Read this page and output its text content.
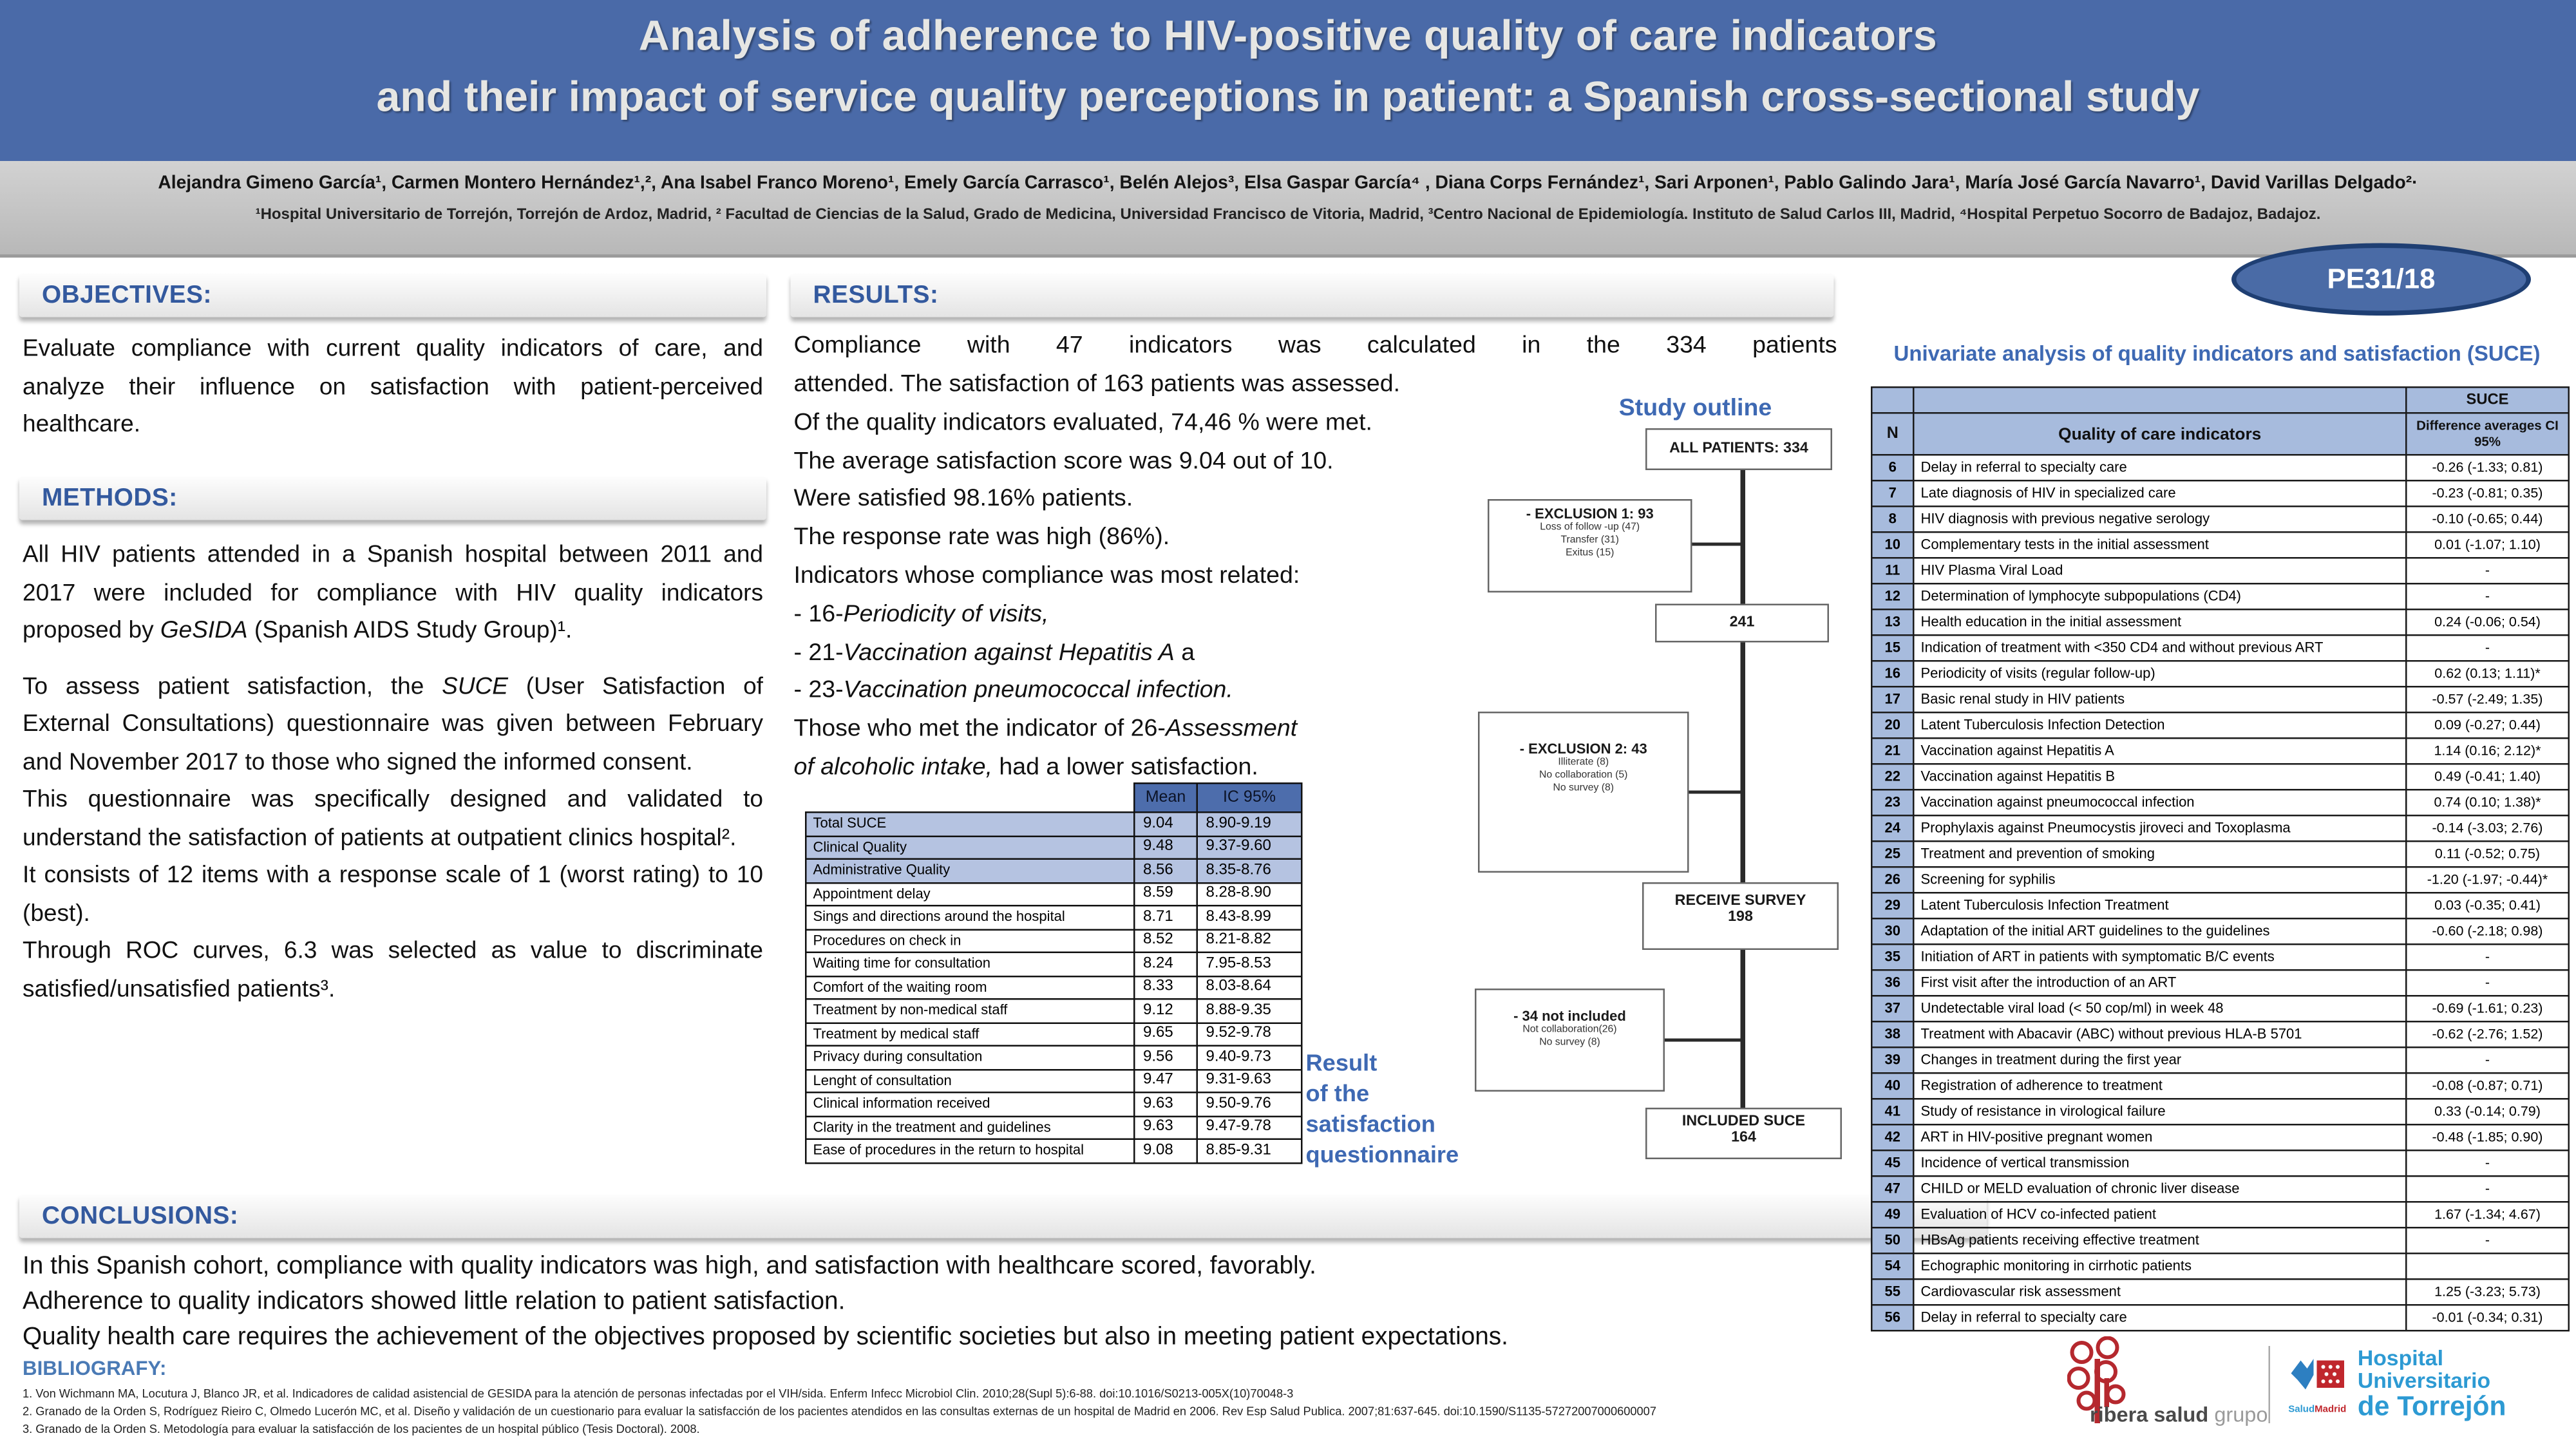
Analysis of adherence to HIV-positive quality of care indicators
and their impact of service quality perceptions in patient: a Spanish cross-sectional study
Alejandra Gimeno García¹, Carmen Montero Hernández¹,², Ana Isabel Franco Moreno¹, Emely García Carrasco¹, Belén Alejos³, Elsa Gaspar García⁴ , Diana Corps Fernández¹, Sari Arponen¹, Pablo Galindo Jara¹, María José García Navarro¹, David Varillas Delgado²·
¹Hospital Universitario de Torrejón, Torrejón de Ardoz, Madrid, ² Facultad de Ciencias de la Salud, Grado de Medicina, Universidad Francisco de Vitoria, Madrid, ³Centro Nacional de Epidemiología. Instituto de Salud Carlos III, Madrid, ⁴Hospital Perpetuo Socorro de Badajoz, Badajoz.
OBJECTIVES:
METHODS:
RESULTS:
CONCLUSIONS:
Evaluate compliance with current quality indicators of care, and analyze their influence on satisfaction with patient-perceived healthcare.
All HIV patients attended in a Spanish hospital between 2011 and 2017 were included for compliance with HIV quality indicators proposed by GeSIDA (Spanish AIDS Study Group)¹.
To assess patient satisfaction, the SUCE (User Satisfaction of External Consultations) questionnaire was given between February and November 2017 to those who signed the informed consent.
This questionnaire was specifically designed and validated to understand the satisfaction of patients at outpatient clinics hospital².
It consists of 12 items with a response scale of 1 (worst rating) to 10 (best).
Through ROC curves, 6.3 was selected as value to discriminate satisfied/unsatisfied patients³.
Compliance with 47 indicators was calculated in the 334 patients
attended. The satisfaction of 163 patients was assessed.
Of the quality indicators evaluated, 74,46 % were met.
The average satisfaction score was 9.04 out of 10.
Were satisfied 98.16% patients.
The response rate was high (86%).
Indicators whose compliance was most related:
- 16-Periodicity of visits,
- 21-Vaccination against Hepatitis A a
- 23-Vaccination pneumococcal infection.
Those who met the indicator of 26-Assessment
of alcoholic intake, had a lower satisfaction.
Study outline
ALL PATIENTS: 334
- EXCLUSION 1: 93
Loss of follow -up (47)
Transfer (31)
Exitus (15)
241
- EXCLUSION 2: 43
Illiterate (8)
No collaboration (5)
No survey (8)
RECEIVE SURVEY
198
- 34 not included
Not collaboration(26)
No survey (8)
INCLUDED SUCE
164
	Mean	IC 95%
Total SUCE	9.04	8.90-9.19
Clinical Quality	9.48	9.37-9.60
Administrative Quality	8.56	8.35-8.76
Appointment delay	8.59	8.28-8.90
Sings and directions around the hospital	8.71	8.43-8.99
Procedures on check in	8.52	8.21-8.82
Waiting time for consultation	8.24	7.95-8.53
Comfort of the waiting room	8.33	8.03-8.64
Treatment by non-medical staff	9.12	8.88-9.35
Treatment by medical staff	9.65	9.52-9.78
Privacy during consultation	9.56	9.40-9.73
Lenght of consultation	9.47	9.31-9.63
Clinical information received	9.63	9.50-9.76
Clarity in the treatment and guidelines	9.63	9.47-9.78
Ease of procedures in the return to hospital	9.08	8.85-9.31
Result
of the
satisfaction
questionnaire
PE31/18
Univariate analysis of quality indicators and satisfaction (SUCE)
		SUCE
N	Quality of care indicators	Difference averages CI 95%
6	Delay in referral to specialty care	-0.26 (-1.33; 0.81)
7	Late diagnosis of HIV in specialized care	-0.23 (-0.81; 0.35)
8	HIV diagnosis with previous negative serology	-0.10 (-0.65; 0.44)
10	Complementary tests in the initial assessment	0.01 (-1.07; 1.10)
11	HIV Plasma Viral Load	-
12	Determination of lymphocyte subpopulations (CD4)	-
13	Health education in the initial assessment	0.24 (-0.06; 0.54)
15	Indication of treatment with <350 CD4 and without previous ART	-
16	Periodicity of visits (regular follow-up)	0.62 (0.13; 1.11)*
17	Basic renal study in HIV patients	-0.57 (-2.49; 1.35)
20	Latent Tuberculosis Infection Detection	0.09 (-0.27; 0.44)
21	Vaccination against Hepatitis A	1.14 (0.16; 2.12)*
22	Vaccination against Hepatitis B	0.49 (-0.41; 1.40)
23	Vaccination against pneumococcal infection	0.74 (0.10; 1.38)*
24	Prophylaxis against Pneumocystis jiroveci and Toxoplasma	-0.14 (-3.03; 2.76)
25	Treatment and prevention of smoking	0.11 (-0.52; 0.75)
26	Screening for syphilis	-1.20 (-1.97; -0.44)*
29	Latent Tuberculosis Infection Treatment	0.03 (-0.35; 0.41)
30	Adaptation of the initial ART guidelines to the guidelines	-0.60 (-2.18; 0.98)
35	Initiation of ART in patients with symptomatic B/C events	-
36	First visit after the introduction of an ART	-
37	Undetectable viral load (< 50 cop/ml) in week 48	-0.69 (-1.61; 0.23)
38	Treatment with Abacavir (ABC) without previous HLA-B 5701	-0.62 (-2.76; 1.52)
39	Changes in treatment during the first year	-
40	Registration of adherence to treatment	-0.08 (-0.87; 0.71)
41	Study of resistance in virological failure	0.33 (-0.14; 0.79)
42	ART in HIV-positive pregnant women	-0.48 (-1.85; 0.90)
45	Incidence of vertical transmission	-
47	CHILD or MELD evaluation of chronic liver disease	-
49	Evaluation of HCV co-infected patient	1.67 (-1.34; 4.67)
50	HBsAg patients receiving effective treatment	-
54	Echographic monitoring in cirrhotic patients	
55	Cardiovascular risk assessment	1.25 (-3.23; 5.73)
56	Delay in referral to specialty care	-0.01 (-0.34; 0.31)
In this Spanish cohort, compliance with quality indicators was high, and satisfaction with healthcare scored, favorably.
Adherence to quality indicators showed little relation to patient satisfaction.
Quality health care requires the achievement of the objectives proposed by scientific societies but also in meeting patient expectations.
BIBLIOGRAFY:
1. Von Wichmann MA, Locutura J, Blanco JR, et al. Indicadores de calidad asistencial de GESIDA para la atención de personas infectadas por el VIH/sida. Enferm Infecc Microbiol Clin. 2010;28(Supl 5):6-88. doi:10.1016/S0213-005X(10)70048-3
2. Granado de la Orden S, Rodríguez Rieiro C, Olmedo Lucerón MC, et al. Diseño y validación de un cuestionario para evaluar la satisfacción de los pacientes atendidos en las consultas externas de un hospital de Madrid en 2006. Rev Esp Salud Publica. 2007;81:637-645. doi:10.1590/S1135-57272007000600007
3. Granado de la Orden S. Metodología para evaluar la satisfacción de los pacientes de un hospital público (Tesis Doctoral). 2008.
ribera salud grupo	SaludMadrid
Hospital Universitario
de Torrejón
